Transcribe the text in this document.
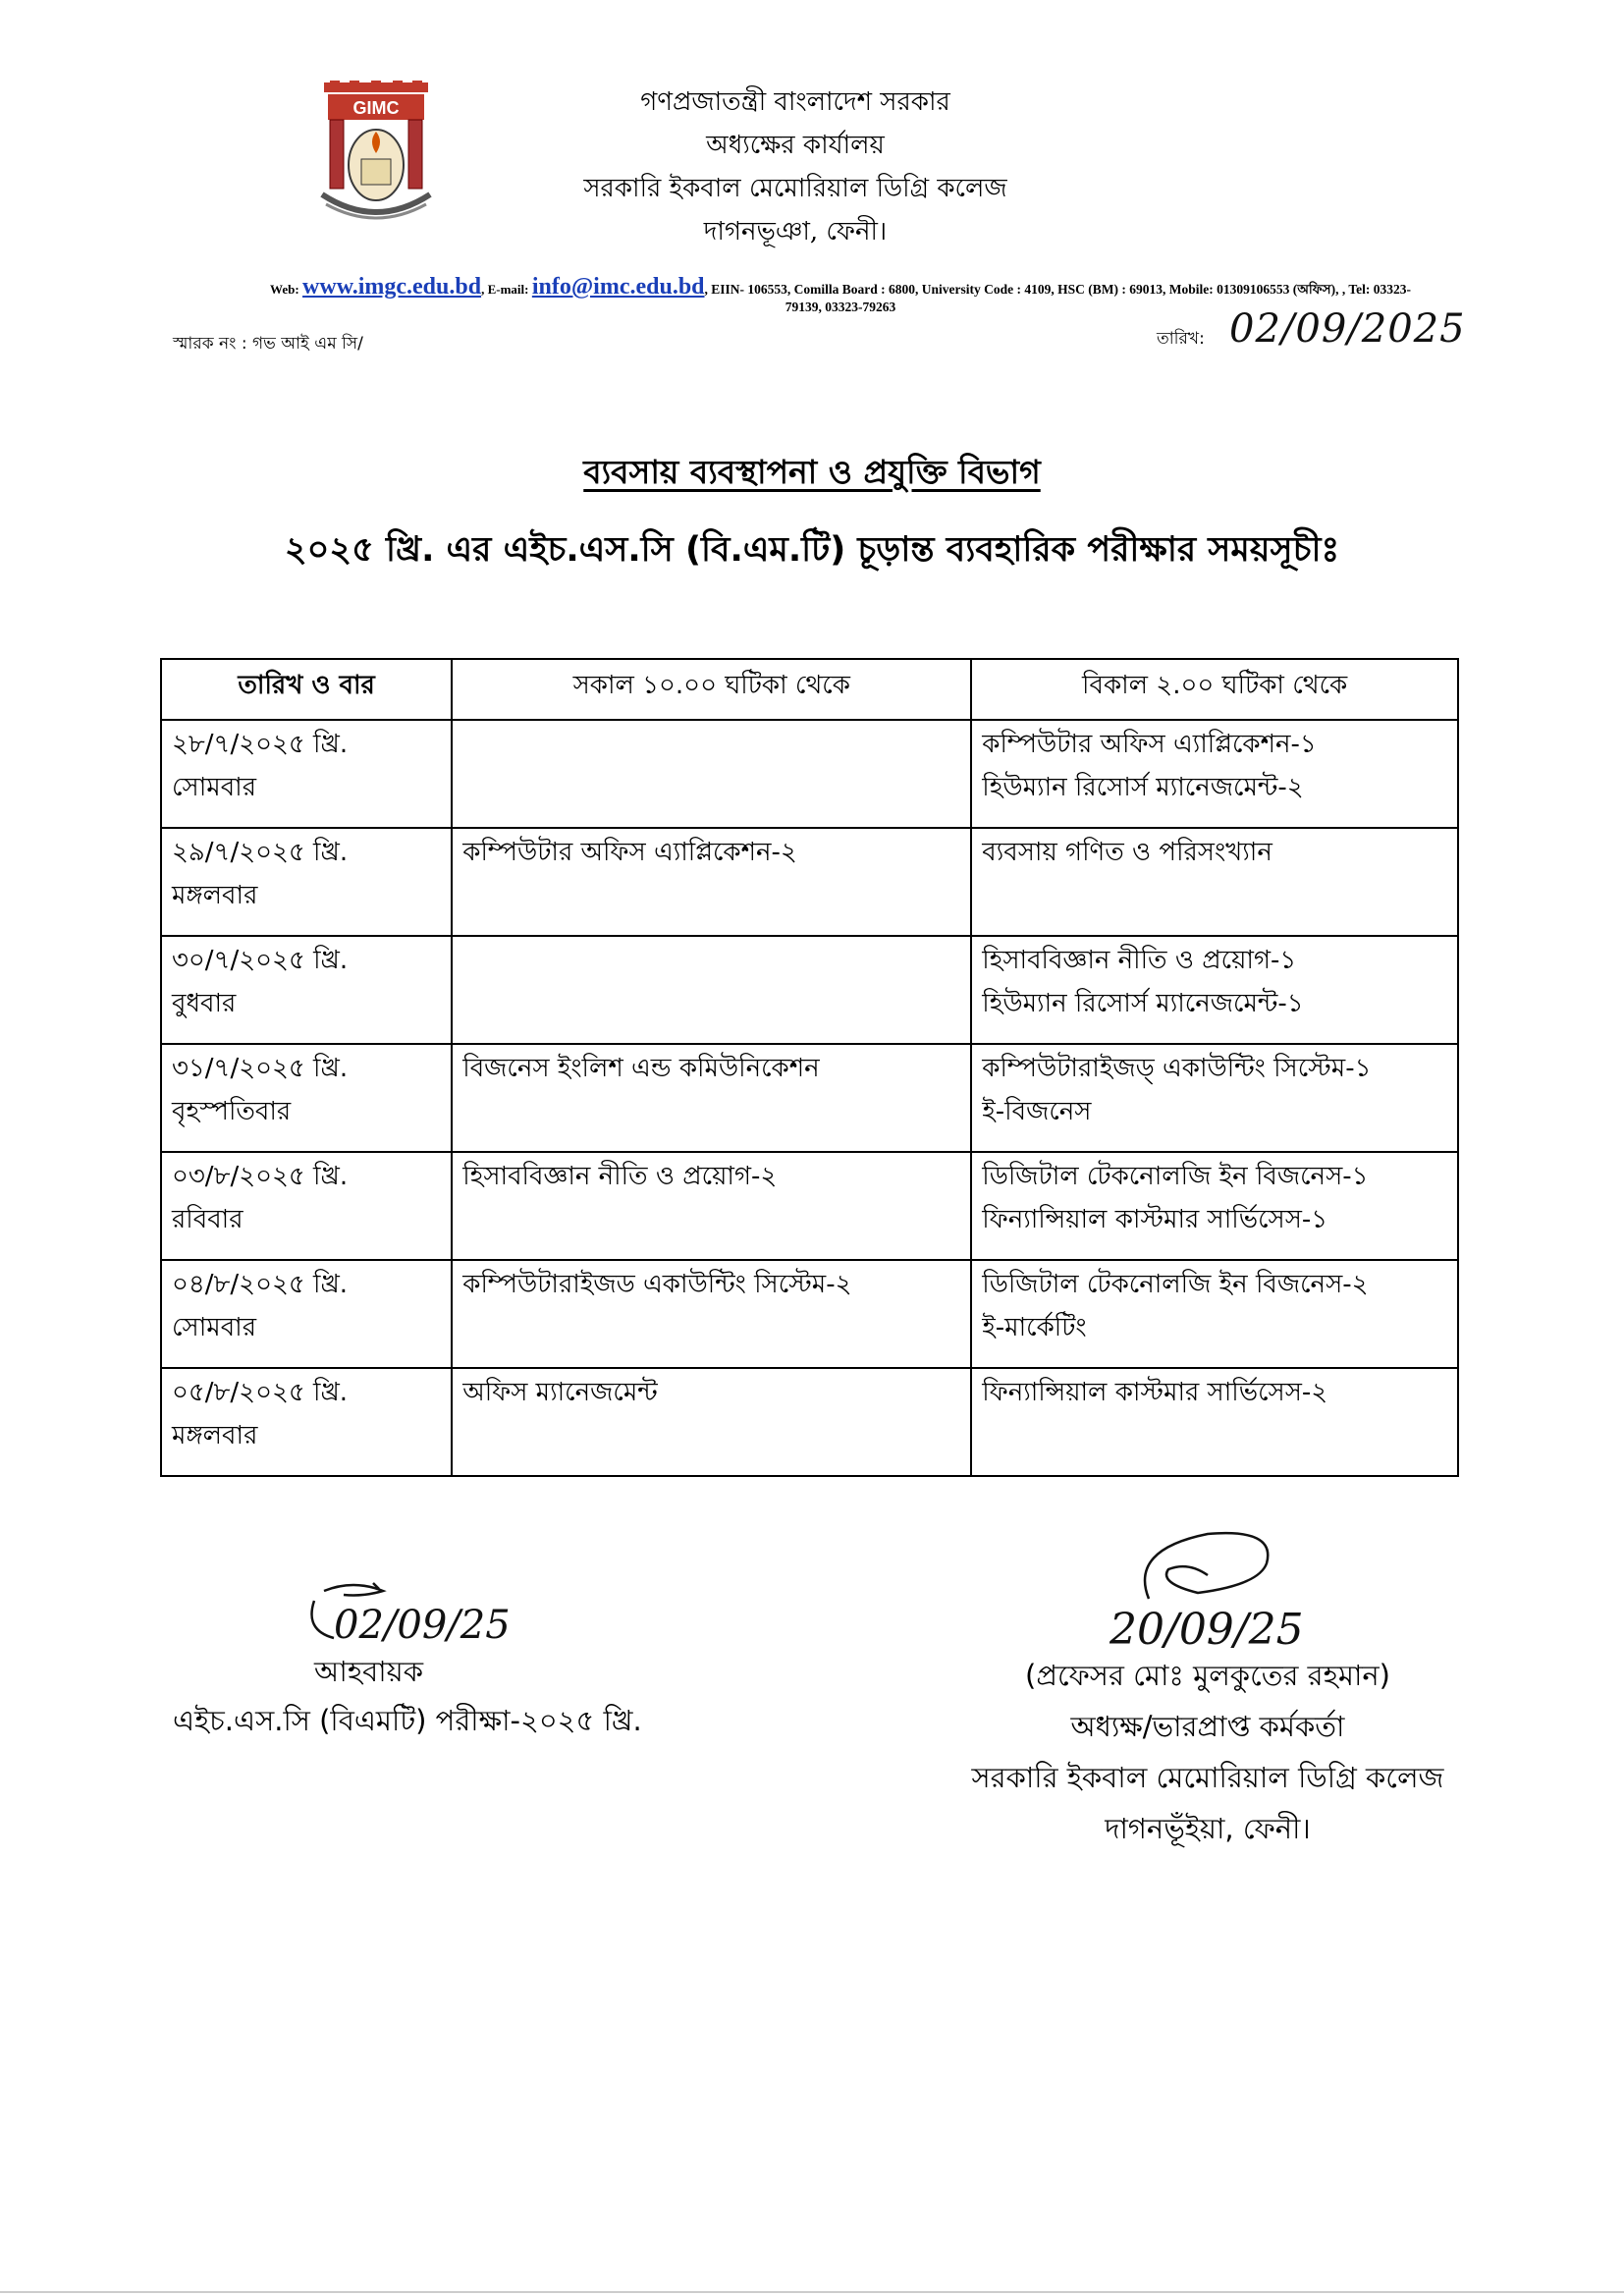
GIMC	গণপ্রজাতন্ত্রী বাংলাদেশ সরকার
অধ্যক্ষের কার্যালয়
সরকারি ইকবাল মেমোরিয়াল ডিগ্রি কলেজ
দাগনভূঞা, ফেনী।
Web: www.imgc.edu.bd, E-mail: info@imc.edu.bd, EIIN- 106553, Comilla Board : 6800, University Code : 4109, HSC (BM) : 69013, Mobile: 01309106553 (অফিস), , Tel: 03323-
79139, 03323-79263
স্মারক নং : গভ আই এম সি/	তারিখ: 02/09/2025
ব্যবসায় ব্যবস্থাপনা ও প্রযুক্তি বিভাগ
২০২৫ খ্রি. এর এইচ.এস.সি (বি.এম.টি) চূড়ান্ত ব্যবহারিক পরীক্ষার সময়সূচীঃ
তারিখ ও বার	সকাল ১০.০০ ঘটিকা থেকে	বিকাল ২.০০ ঘটিকা থেকে

২৮/৭/২০২৫ খ্রি.
সোমবার		কম্পিউটার অফিস এ্যাপ্লিকেশন-১
হিউম্যান রিসোর্স ম্যানেজমেন্ট-২

২৯/৭/২০২৫ খ্রি.
মঙ্গলবার	কম্পিউটার অফিস এ্যাপ্লিকেশন-২	ব্যবসায় গণিত ও পরিসংখ্যান

৩০/৭/২০২৫ খ্রি.
বুধবার		হিসাববিজ্ঞান নীতি ও প্রয়োগ-১
হিউম্যান রিসোর্স ম্যানেজমেন্ট-১

৩১/৭/২০২৫ খ্রি.
বৃহস্পতিবার	বিজনেস ইংলিশ এন্ড কমিউনিকেশন	কম্পিউটারাইজড্ একাউন্টিং সিস্টেম-১
ই-বিজনেস

০৩/৮/২০২৫ খ্রি.
রবিবার	হিসাববিজ্ঞান নীতি ও প্রয়োগ-২	ডিজিটাল টেকনোলজি ইন বিজনেস-১
ফিন্যান্সিয়াল কাস্টমার সার্ভিসেস-১

০৪/৮/২০২৫ খ্রি.
সোমবার	কম্পিউটারাইজড একাউন্টিং সিস্টেম-২	ডিজিটাল টেকনোলজি ইন বিজনেস-২
ই-মার্কেটিং

০৫/৮/২০২৫ খ্রি.
মঙ্গলবার	অফিস ম্যানেজমেন্ট	ফিন্যান্সিয়াল কাস্টমার সার্ভিসেস-২
02/09/25
আহবায়ক
এইচ.এস.সি (বিএমটি) পরীক্ষা-২০২৫ খ্রি.
20/09/25
(প্রফেসর মোঃ মুলকুতের রহমান)
অধ্যক্ষ/ভারপ্রাপ্ত কর্মকর্তা
সরকারি ইকবাল মেমোরিয়াল ডিগ্রি কলেজ
দাগনভূঁইয়া, ফেনী।
